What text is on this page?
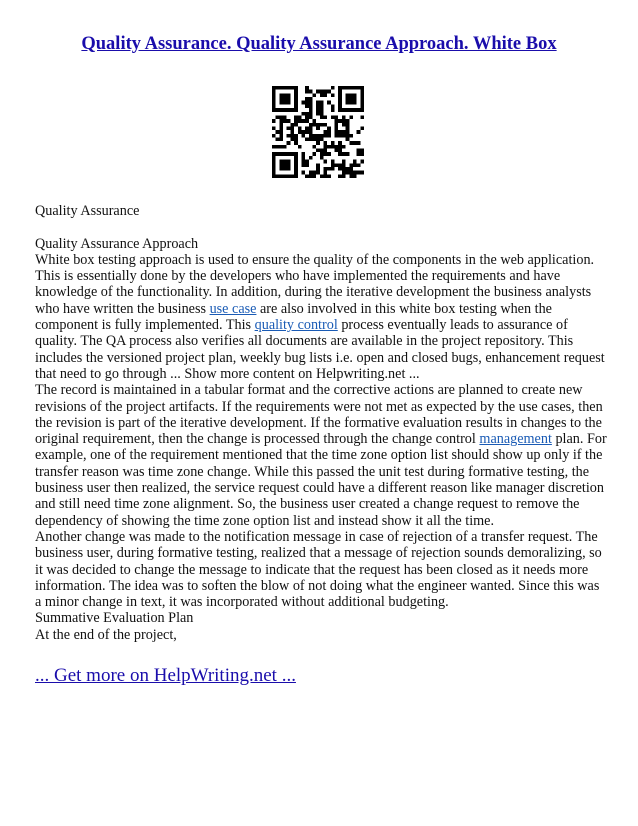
Quality Assurance. Quality Assurance Approach. White Box

Quality Assurance

Quality Assurance Approach

White box testing approach is used to ensure the quality of the components in the web application.
This is essentially done by the developers who have implemented the requirements and have
knowledge of the functionality. In addition, during the iterative development the business analysts
who have written the business use case are also involved in this white box testing when the
component is fully implemented. This quality control process eventually leads to assurance of
quality. The QA process also verifies all documents are available in the project repository. This
includes the versioned project plan, weekly bug lists i.e. open and closed bugs, enhancement request
that need to go through ... Show more content on Helpwriting.net ...

The record is maintained in a tabular format and the corrective actions are planned to create new
revisions of the project artifacts. If the requirements were not met as expected by the use cases, then
the revision is part of the iterative development. If the formative evaluation results in changes to the
original requirement, then the change is processed through the change control management plan. For
example, one of the requirement mentioned that the time zone option list should show up only if the
transfer reason was time zone change. While this passed the unit test during formative testing, the
business user then realized, the service request could have a different reason like manager discretion
and still need time zone alignment. So, the business user created a change request to remove the
dependency of showing the time zone option list and instead show it all the time.

Another change was made to the notification message in case of rejection of a transfer request. The
business user, during formative testing, realized that a message of rejection sounds demoralizing, so
it was decided to change the message to indicate that the request has been closed as it needs more
information. The idea was to soften the blow of not doing what the engineer wanted. Since this was
a minor change in text, it was incorporated without additional budgeting.

Summative Evaluation Plan

At the end of the project,

... Get more on HelpWriting.net ...
